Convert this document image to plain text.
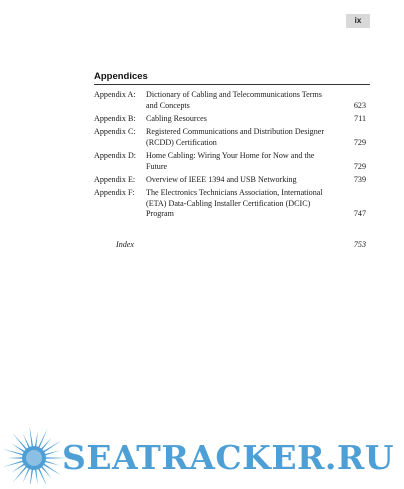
ix
Appendices
Appendix A: Dictionary of Cabling and Telecommunications Terms and Concepts	623
Appendix B: Cabling Resources	711
Appendix C: Registered Communications and Distribution Designer (RCDD) Certification	729
Appendix D: Home Cabling: Wiring Your Home for Now and the Future	729
Appendix E: Overview of IEEE 1394 and USB Networking	739
Appendix F: The Electronics Technicians Association, International (ETA) Data-Cabling Installer Certification (DCIC) Program	747
Index	753
SEATRACKER.RU
